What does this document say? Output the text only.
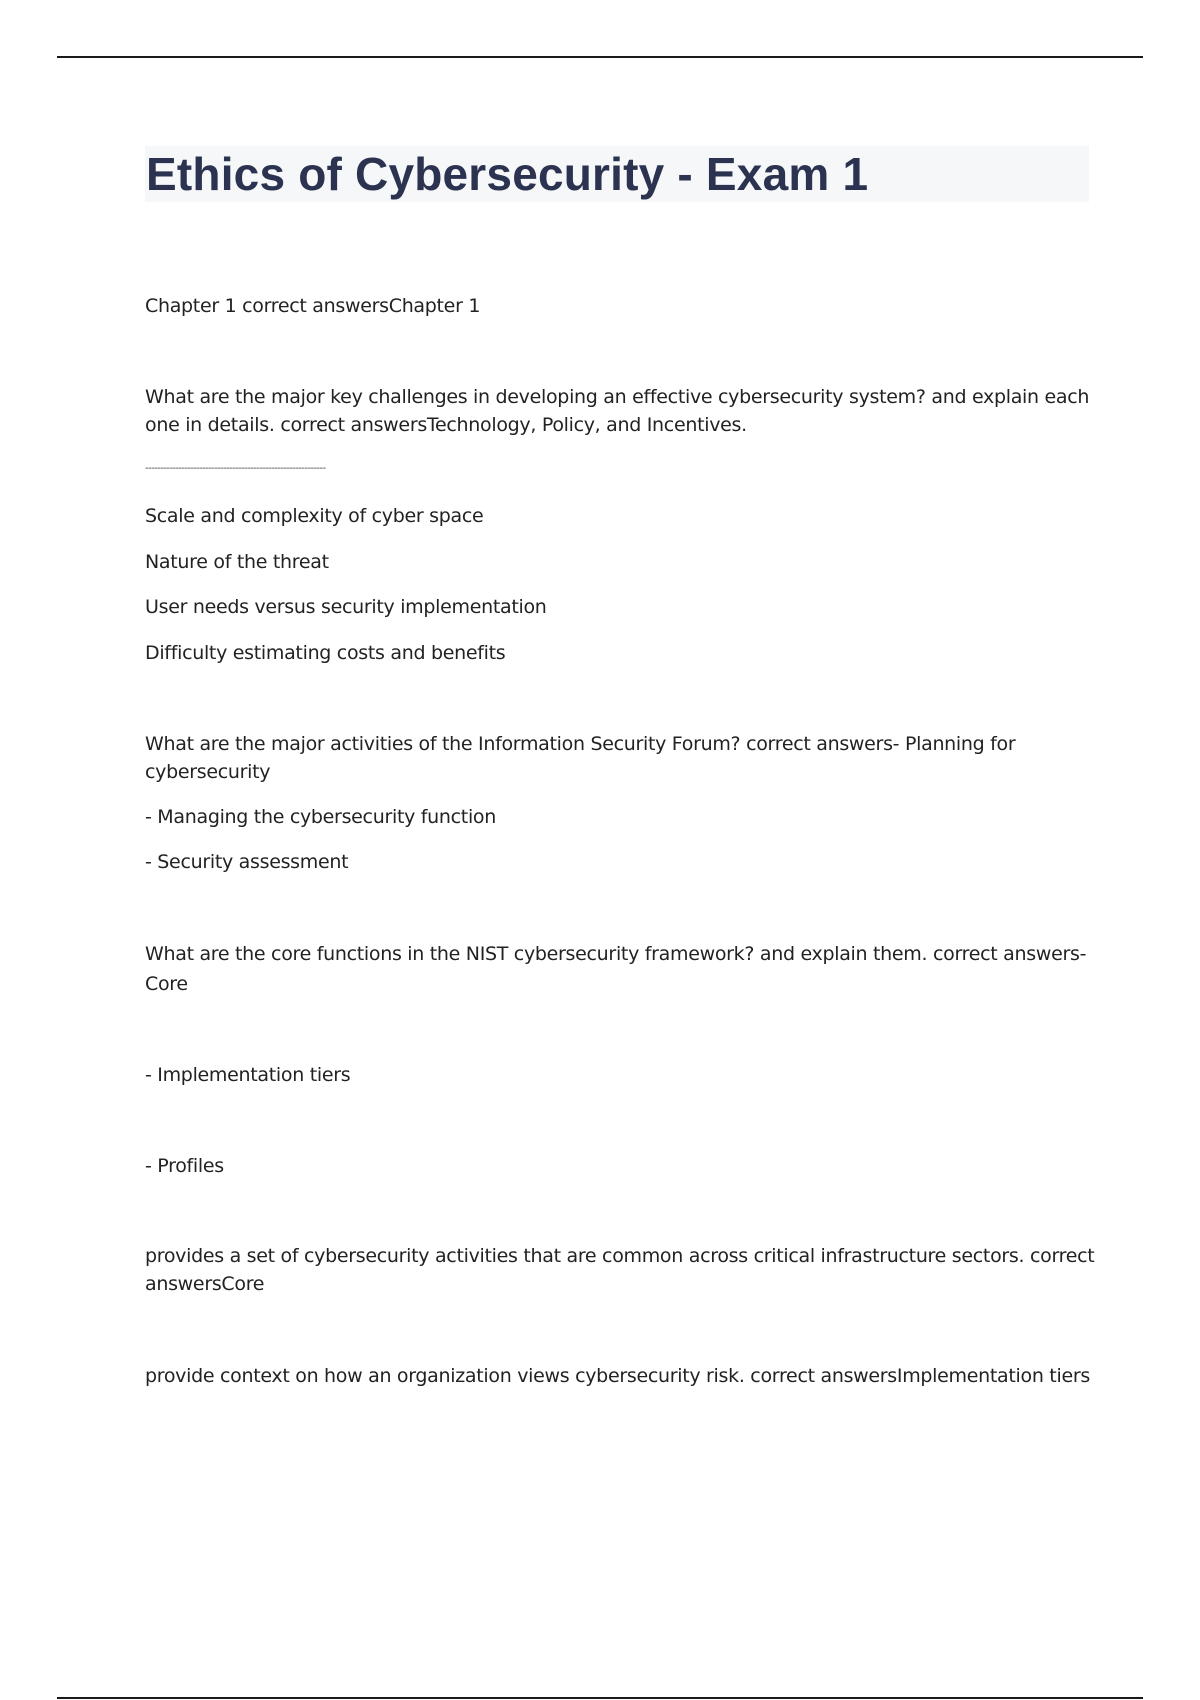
Ethics of Cybersecurity - Exam 1

Chapter 1 correct answersChapter 1

What are the major key challenges in developing an effective cybersecurity system? and explain each

one in details. correct answersTechnology, Policy, and Incentives.

------------------------------------------------------------

Scale and complexity of cyber space

Nature of the threat

User needs versus security implementation

Difficulty estimating costs and benefits

What are the major activities of the Information Security Forum? correct answers- Planning for

cybersecurity

- Managing the cybersecurity function

- Security assessment

What are the core functions in the NIST cybersecurity framework? and explain them. correct answers-

Core

- Implementation tiers

- Profiles

provides a set of cybersecurity activities that are common across critical infrastructure sectors. correct

answersCore

provide context on how an organization views cybersecurity risk. correct answersImplementation tiers
